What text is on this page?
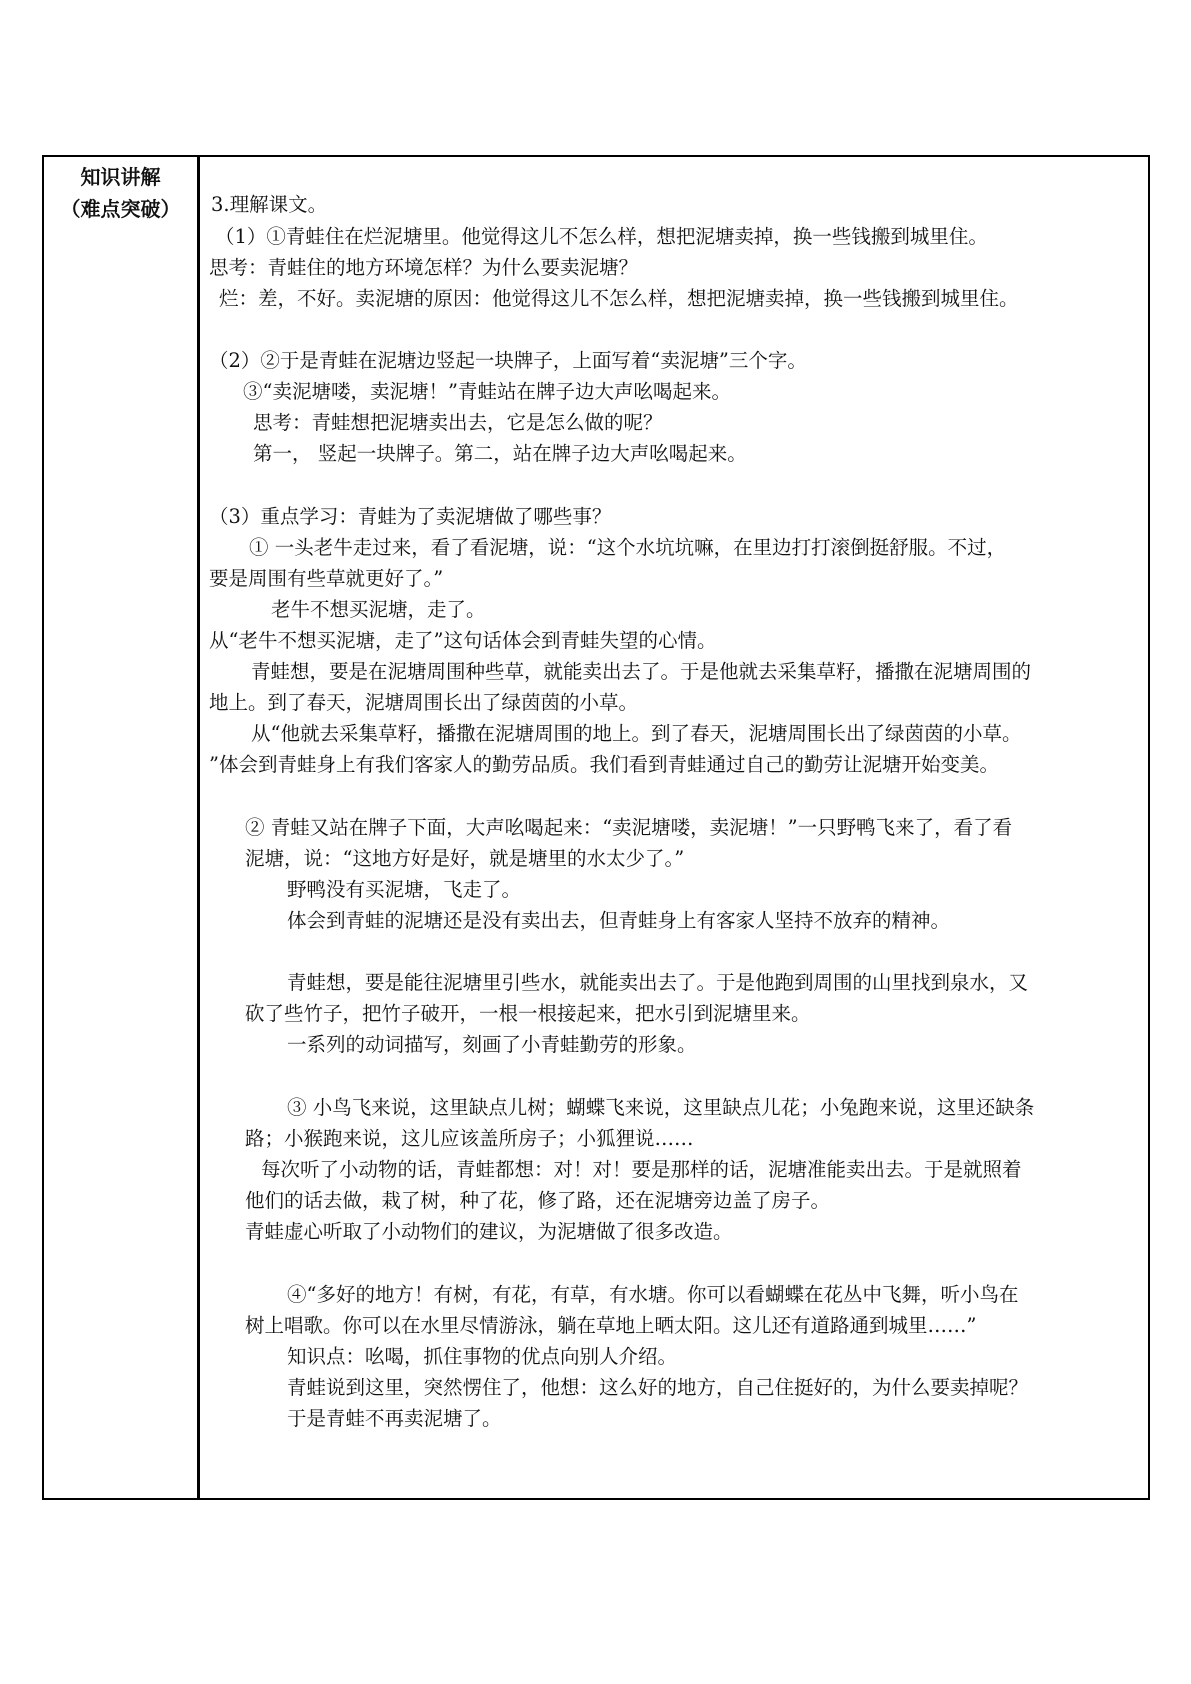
知识讲解
（难点突破）	3.理解课文。
（1）①青蛙住在烂泥塘里。他觉得这儿不怎么样，想把泥塘卖掉，换一些钱搬到城里住。
思考：青蛙住的地方环境怎样？为什么要卖泥塘？
烂：差，不好。卖泥塘的原因：他觉得这儿不怎么样，想把泥塘卖掉，换一些钱搬到城里住。
（2）②于是青蛙在泥塘边竖起一块牌子，上面写着“卖泥塘”三个字。
③“卖泥塘喽，卖泥塘！”青蛙站在牌子边大声吆喝起来。
思考：青蛙想把泥塘卖出去，它是怎么做的呢？
第一， 竖起一块牌子。第二，站在牌子边大声吆喝起来。
（3）重点学习：青蛙为了卖泥塘做了哪些事？
① 一头老牛走过来，看了看泥塘，说：“这个水坑坑嘛，在里边打打滚倒挺舒服。不过，
要是周围有些草就更好了。”
老牛不想买泥塘，走了。
从“老牛不想买泥塘，走了”这句话体会到青蛙失望的心情。
青蛙想，要是在泥塘周围种些草，就能卖出去了。于是他就去采集草籽，播撒在泥塘周围的
地上。到了春天，泥塘周围长出了绿茵茵的小草。
从“他就去采集草籽，播撒在泥塘周围的地上。到了春天，泥塘周围长出了绿茵茵的小草。
”体会到青蛙身上有我们客家人的勤劳品质。我们看到青蛙通过自己的勤劳让泥塘开始变美。
② 青蛙又站在牌子下面，大声吆喝起来：“卖泥塘喽，卖泥塘！”一只野鸭飞来了，看了看
泥塘，说：“这地方好是好，就是塘里的水太少了。”
野鸭没有买泥塘，飞走了。
体会到青蛙的泥塘还是没有卖出去，但青蛙身上有客家人坚持不放弃的精神。
青蛙想，要是能往泥塘里引些水，就能卖出去了。于是他跑到周围的山里找到泉水，又
砍了些竹子，把竹子破开，一根一根接起来，把水引到泥塘里来。
一系列的动词描写，刻画了小青蛙勤劳的形象。
③ 小鸟飞来说，这里缺点儿树；蝴蝶飞来说，这里缺点儿花；小兔跑来说，这里还缺条
路；小猴跑来说，这儿应该盖所房子；小狐狸说……
每次听了小动物的话，青蛙都想：对！对！要是那样的话，泥塘准能卖出去。于是就照着
他们的话去做，栽了树，种了花，修了路，还在泥塘旁边盖了房子。
青蛙虚心听取了小动物们的建议，为泥塘做了很多改造。
④“多好的地方！有树，有花，有草，有水塘。你可以看蝴蝶在花丛中飞舞，听小鸟在
树上唱歌。你可以在水里尽情游泳，躺在草地上晒太阳。这儿还有道路通到城里……”
知识点：吆喝，抓住事物的优点向别人介绍。
青蛙说到这里，突然愣住了，他想：这么好的地方，自己住挺好的，为什么要卖掉呢？
于是青蛙不再卖泥塘了。
